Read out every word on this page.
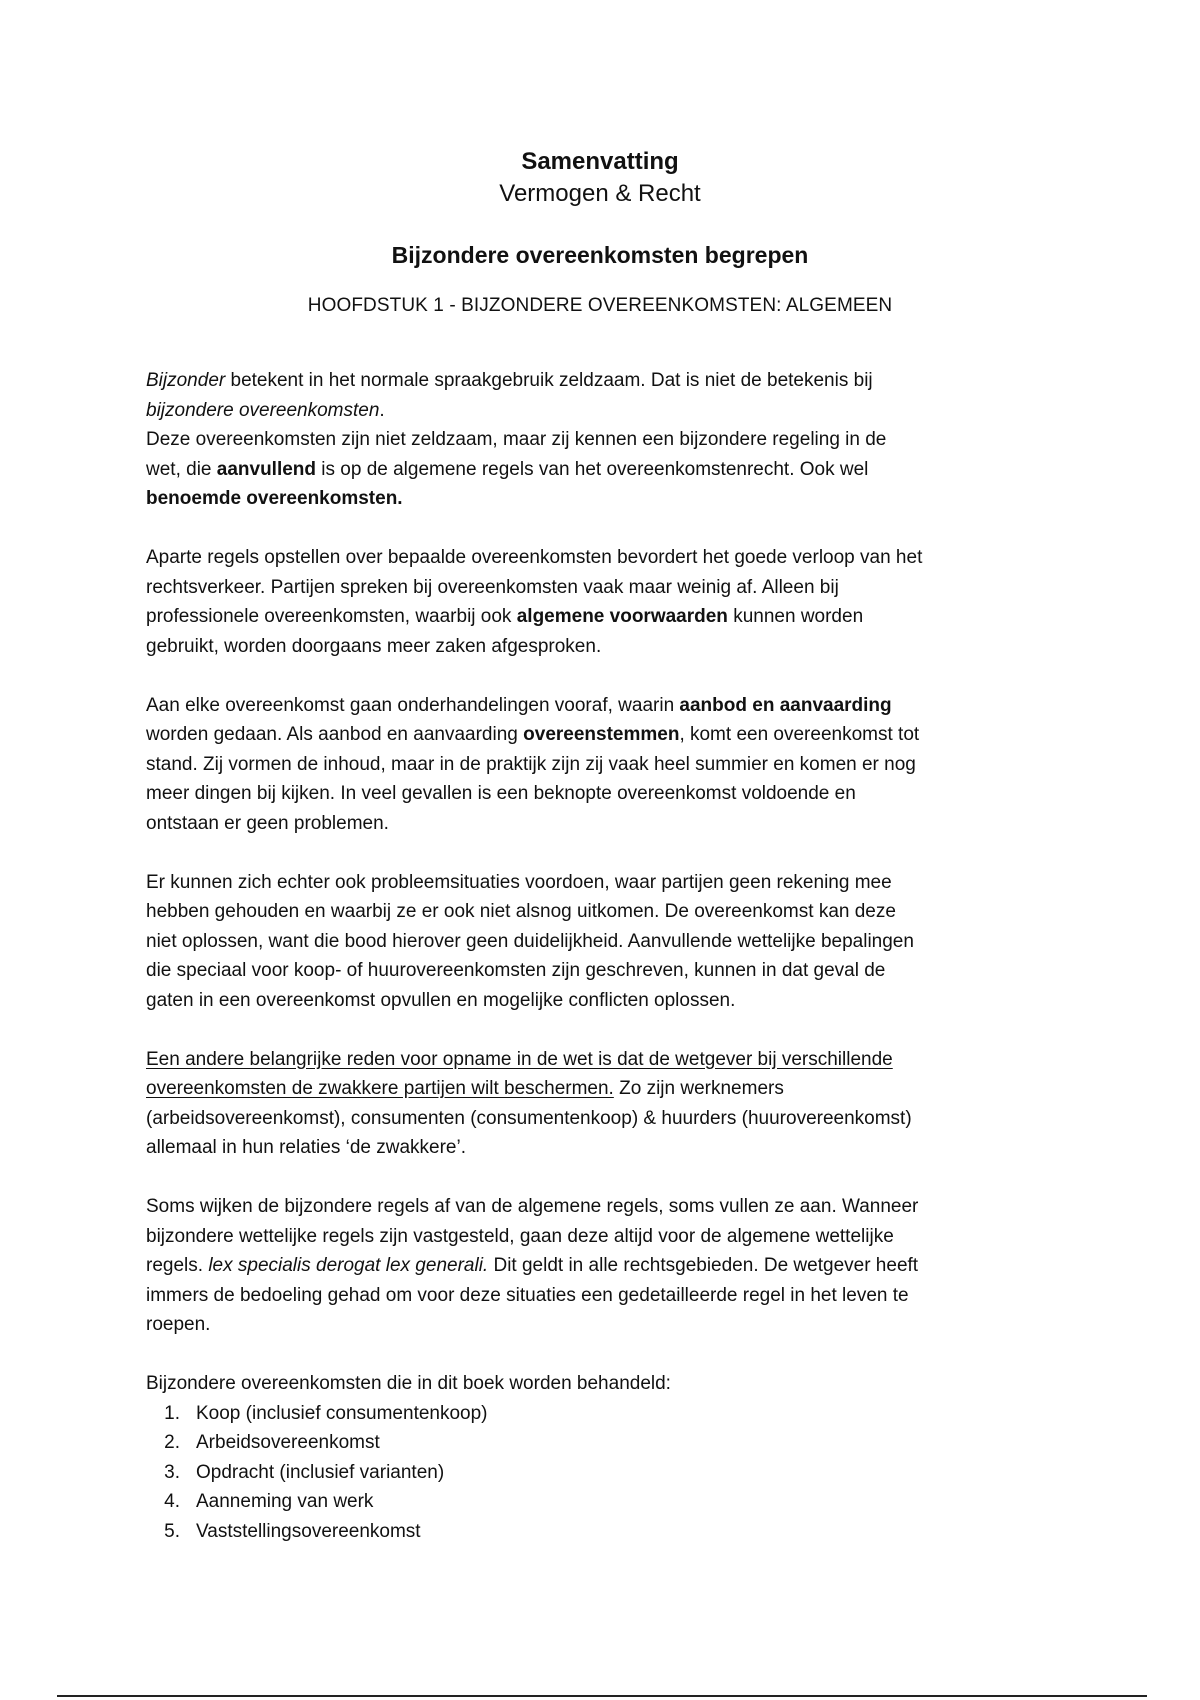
Samenvatting
Vermogen & Recht
Bijzondere overeenkomsten begrepen
HOOFDSTUK 1 - BIJZONDERE OVEREENKOMSTEN: ALGEMEEN
Bijzonder betekent in het normale spraakgebruik zeldzaam. Dat is niet de betekenis bij
bijzondere overeenkomsten.
Deze overeenkomsten zijn niet zeldzaam, maar zij kennen een bijzondere regeling in de
wet, die aanvullend is op de algemene regels van het overeenkomstenrecht. Ook wel
benoemde overeenkomsten.
Aparte regels opstellen over bepaalde overeenkomsten bevordert het goede verloop van het
rechtsverkeer. Partijen spreken bij overeenkomsten vaak maar weinig af. Alleen bij
professionele overeenkomsten, waarbij ook algemene voorwaarden kunnen worden
gebruikt, worden doorgaans meer zaken afgesproken.
Aan elke overeenkomst gaan onderhandelingen vooraf, waarin aanbod en aanvaarding
worden gedaan. Als aanbod en aanvaarding overeenstemmen, komt een overeenkomst tot
stand. Zij vormen de inhoud, maar in de praktijk zijn zij vaak heel summier en komen er nog
meer dingen bij kijken. In veel gevallen is een beknopte overeenkomst voldoende en
ontstaan er geen problemen.
Er kunnen zich echter ook probleemsituaties voordoen, waar partijen geen rekening mee
hebben gehouden en waarbij ze er ook niet alsnog uitkomen. De overeenkomst kan deze
niet oplossen, want die bood hierover geen duidelijkheid. Aanvullende wettelijke bepalingen
die speciaal voor koop- of huurovereenkomsten zijn geschreven, kunnen in dat geval de
gaten in een overeenkomst opvullen en mogelijke conflicten oplossen.
Een andere belangrijke reden voor opname in de wet is dat de wetgever bij verschillende
overeenkomsten de zwakkere partijen wilt beschermen. Zo zijn werknemers
(arbeidsovereenkomst), consumenten (consumentenkoop) & huurders (huurovereenkomst)
allemaal in hun relaties ‘de zwakkere’.
Soms wijken de bijzondere regels af van de algemene regels, soms vullen ze aan. Wanneer
bijzondere wettelijke regels zijn vastgesteld, gaan deze altijd voor de algemene wettelijke
regels. lex specialis derogat lex generali. Dit geldt in alle rechtsgebieden. De wetgever heeft
immers de bedoeling gehad om voor deze situaties een gedetailleerde regel in het leven te
roepen.
Bijzondere overeenkomsten die in dit boek worden behandeld:
1. Koop (inclusief consumentenkoop)
2. Arbeidsovereenkomst
3. Opdracht (inclusief varianten)
4. Aanneming van werk
5. Vaststellingsovereenkomst
